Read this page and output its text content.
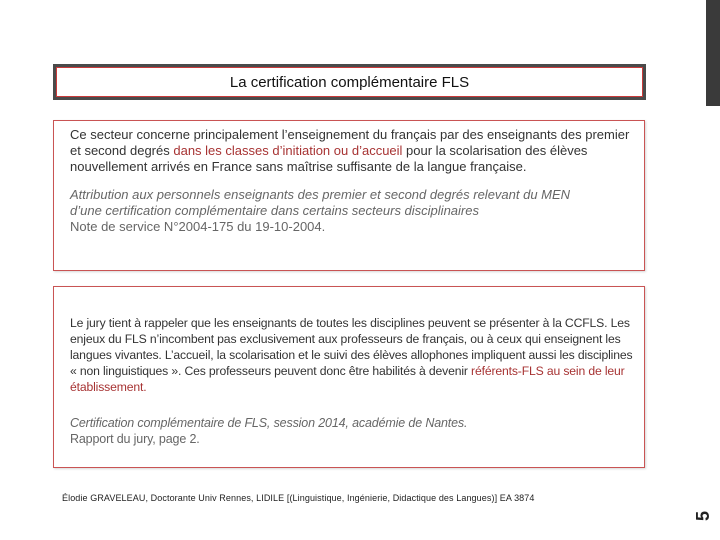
La certification complémentaire FLS
Ce secteur concerne principalement l’enseignement du français par des enseignants des premier et second degrés dans les classes d’initiation ou d’accueil pour la scolarisation des élèves nouvellement arrivés en France sans maîtrise suffisante de la langue française.
Attribution aux personnels enseignants des premier et second degrés relevant du MEN
d’une certification complémentaire dans certains secteurs disciplinaires
Note de service N°2004-175 du 19-10-2004.
Le jury tient à rappeler que les enseignants de toutes les disciplines peuvent se présenter à la CCFLS. Les enjeux du FLS n’incombent pas exclusivement aux professeurs de français, ou à ceux qui enseignent les langues vivantes. L’accueil, la scolarisation et le suivi des élèves allophones impliquent aussi les disciplines « non linguistiques ». Ces professeurs peuvent donc être habilités à devenir référents-FLS au sein de leur établissement.
Certification complémentaire de FLS, session 2014, académie de Nantes.
Rapport du jury, page 2.
Élodie GRAVELEAU, Doctorante Univ Rennes, LIDILE [(Linguistique, Ingénierie, Didactique des Langues)] EA 3874
5
